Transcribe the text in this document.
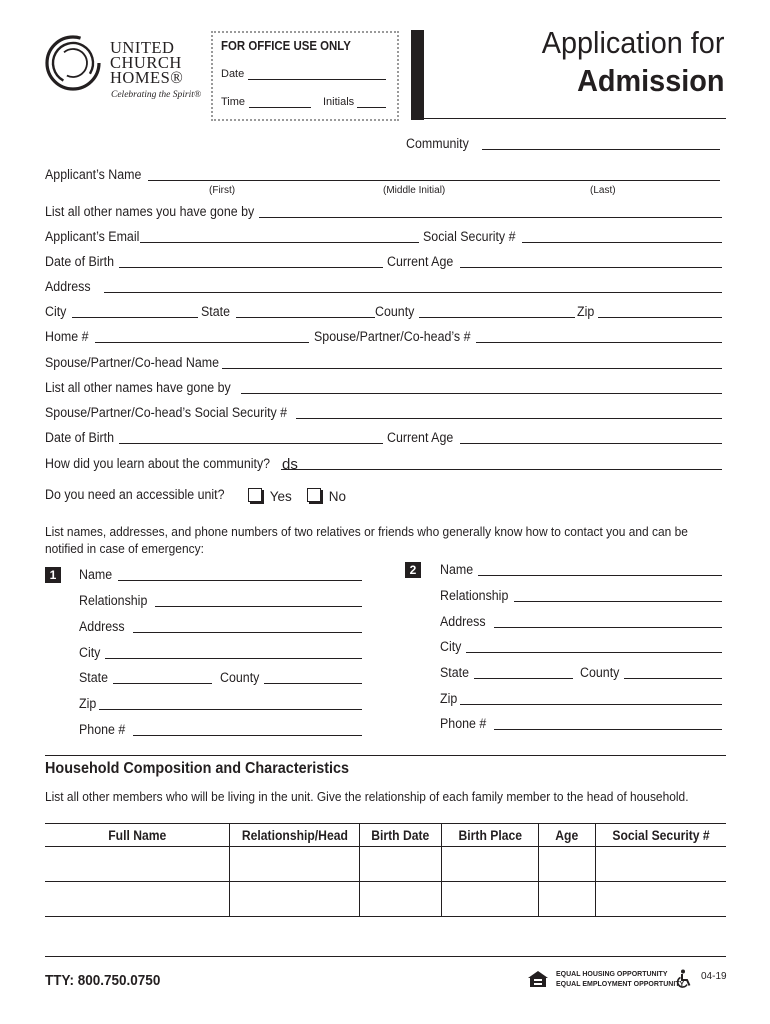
UNITED
CHURCH
HOMES®
Celebrating the Spirit®
FOR OFFICE USE ONLY
Date
Time	Initials
Application for
Admission
Community
Applicant’s Name
(First)	(Middle Initial)	(Last)
List all other names you have gone by
Applicant’s Email	Social Security #
Date of Birth	Current Age
Address
City	State	County	Zip
Home #	Spouse/Partner/Co-head’s #
Spouse/Partner/Co-head Name
List all other names have gone by
Spouse/Partner/Co-head’s Social Security #
Date of Birth	Current Age
How did you learn about the community? ds
Do you need an accessible unit?	Yes	No
List names, addresses, and phone numbers of two relatives or friends who generally know how to contact you and can be
notified in case of emergency:
1	Name
Relationship
Address
City
State	County
Zip
Phone #
2	Name
Relationship
Address
City
State	County
Zip
Phone #
Household Composition and Characteristics
List all other members who will be living in the unit. Give the relationship of each family member to the head of household.
Full Name	Relationship/Head	Birth Date	Birth Place	Age	Social Security #

TTY: 800.750.0750	EQUAL HOUSING OPPORTUNITY
EQUAL EMPLOYMENT OPPORTUNITY
04-19
